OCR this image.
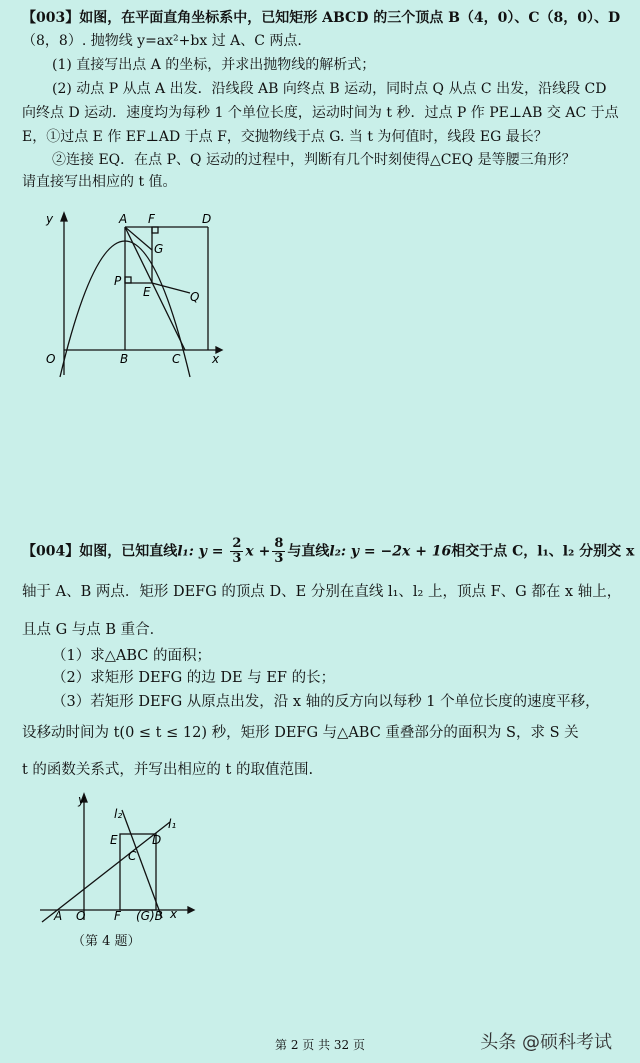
【003】如图，在平面直角坐标系中，已知矩形 ABCD 的三个顶点 B（4，0）、C（8，0）、D
（8，8）. 抛物线 y=ax²+bx 过 A、C 两点.
(1) 直接写出点 A 的坐标，并求出抛物线的解析式；
(2) 动点 P 从点 A 出发．沿线段 AB 向终点 B 运动，同时点 Q 从点 C 出发，沿线段 CD
向终点 D 运动．速度均为每秒 1 个单位长度，运动时间为 t 秒．过点 P 作 PE⊥AB 交 AC 于点
E，①过点 E 作 EF⊥AD 于点 F，交抛物线于点 G. 当 t 为何值时，线段 EG 最长？
②连接 EQ．在点 P、Q 运动的过程中，判断有几个时刻使得△CEQ 是等腰三角形？
请直接写出相应的 t 值。
y
x
O
A
B	C
D
F
G
P
E	Q
【004】如图，已知直线l₁: $y = \frac{2}{3}$ $x + \frac{8}{3}$ 与直线l₂: y = −2x + 16相交于点 C，l₁、l₂ 分别交 x
轴于 A、B 两点．矩形 DEFG 的顶点 D、E 分别在直线 l₁、l₂ 上，顶点 F、G 都在 x 轴上，
且点 G 与点 B 重合．
（1）求△ABC 的面积；
（2）求矩形 DEFG 的边 DE 与 EF 的长；
（3）若矩形 DEFG 从原点出发，沿 x 轴的反方向以每秒 1 个单位长度的速度平移，
设移动时间为 t(0 ≤ t ≤ 12) 秒，矩形 DEFG 与△ABC 重叠部分的面积为 S，求 S 关
t 的函数关系式，并写出相应的 t 的取值范围.
y
x
A O F (G)B
E	D
C
l₂
l₁
（第 4 题）
第 2 页 共 32 页	头条 @硕科考试
